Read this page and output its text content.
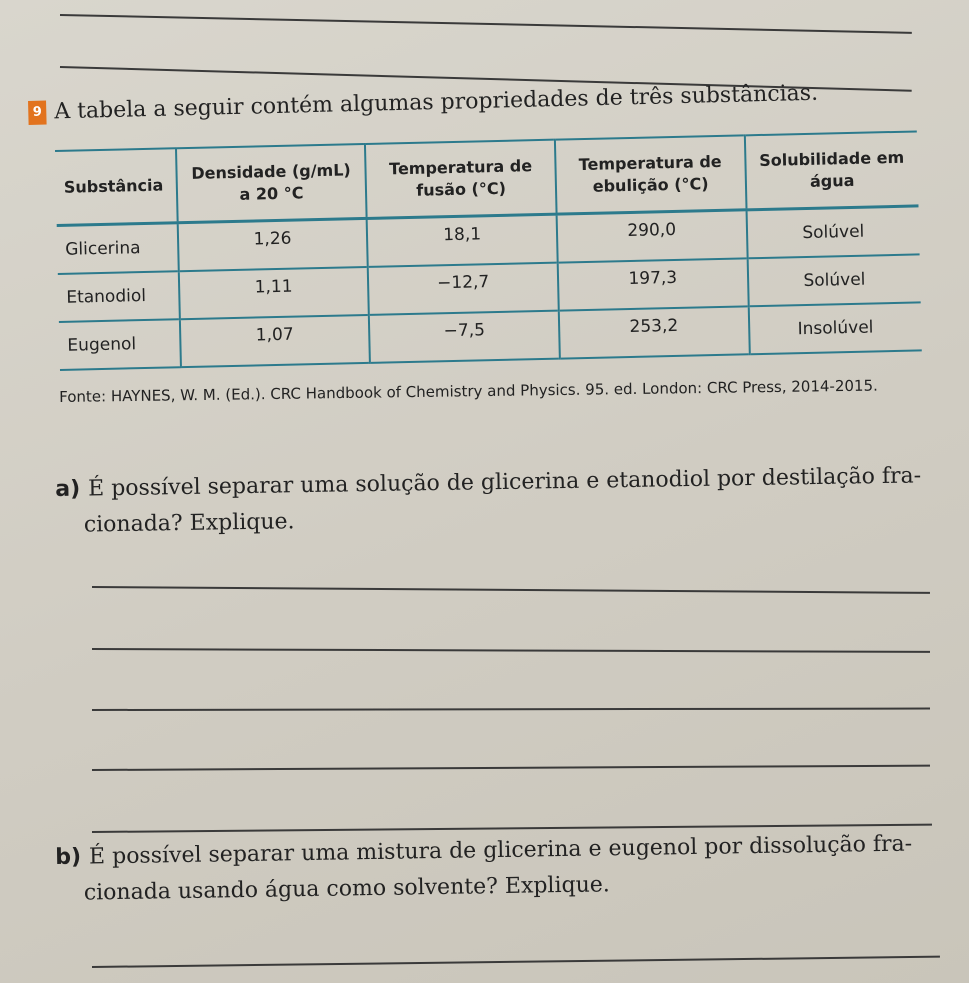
9 A tabela a seguir contém algumas propriedades de três substâncias.
Substância	Densidade (g/mL) a 20 °C	Temperatura de fusão (°C)	Temperatura de ebulição (°C)	Solubilidade em água
Glicerina	1,26	18,1	290,0	Solúvel
Etanodiol	1,11	−12,7	197,3	Solúvel
Eugenol	1,07	−7,5	253,2	Insolúvel
Fonte: HAYNES, W. M. (Ed.). CRC Handbook of Chemistry and Physics. 95. ed. London: CRC Press, 2014-2015.
a) É possível separar uma solução de glicerina e etanodiol por destilação fra-
cionada? Explique.
b) É possível separar uma mistura de glicerina e eugenol por dissolução fra-
cionada usando água como solvente? Explique.
